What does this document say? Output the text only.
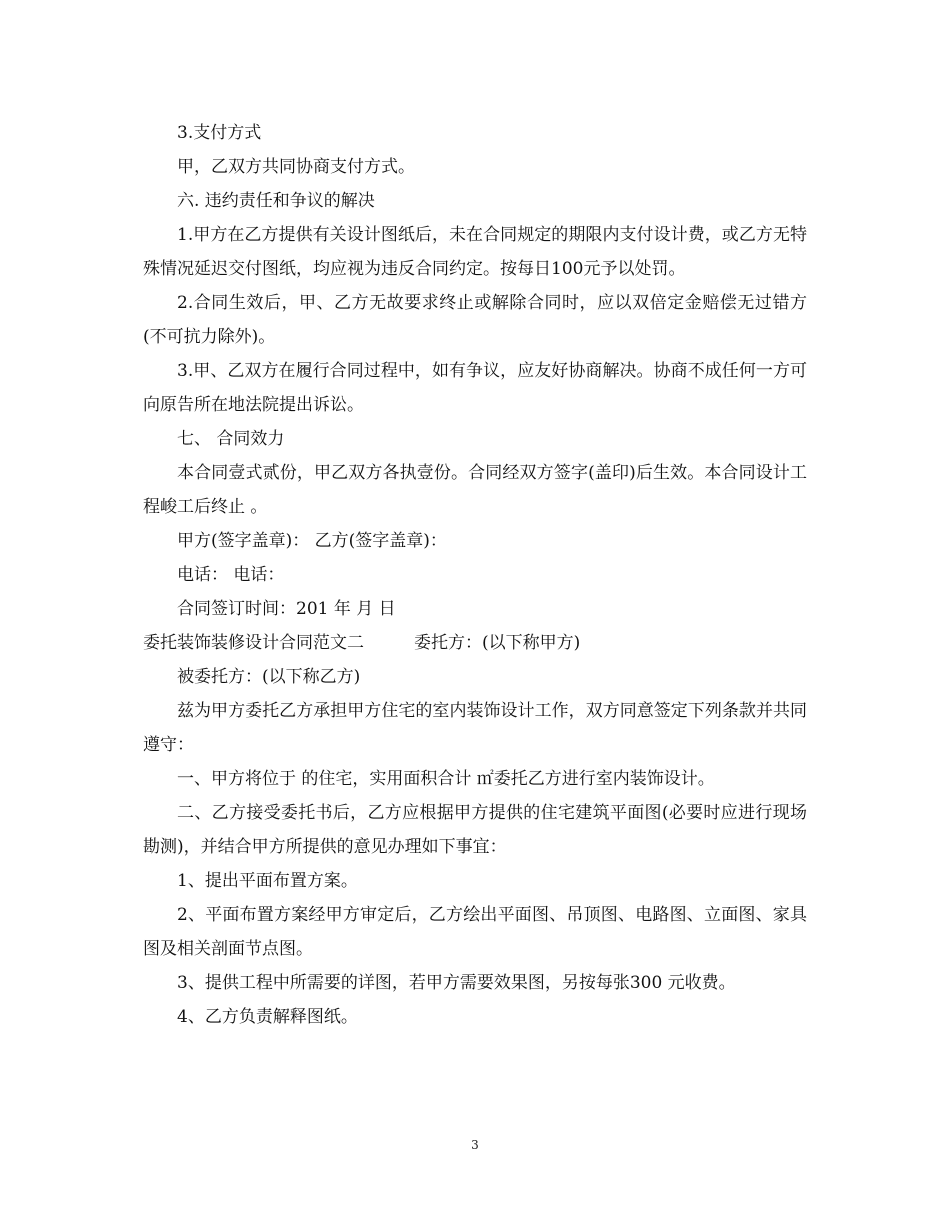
3.支付方式

甲，乙双方共同协商支付方式。

六. 违约责任和争议的解决

1.甲方在乙方提供有关设计图纸后，未在合同规定的期限内支付设计费，或乙方无特殊情况延迟交付图纸，均应视为违反合同约定。按每日100元予以处罚。

2.合同生效后，甲、乙方无故要求终止或解除合同时，应以双倍定金赔偿无过错方(不可抗力除外)。

3.甲、乙双方在履行合同过程中，如有争议，应友好协商解决。协商不成任何一方可向原告所在地法院提出诉讼。

七、 合同效力

本合同壹式贰份，甲乙双方各执壹份。合同经双方签字(盖印)后生效。本合同设计工程峻工后终止 。

甲方(签字盖章)： 乙方(签字盖章)：

电话： 电话：

合同签订时间：201 年 月 日

委托装饰装修设计合同范文二	委托方：(以下称甲方)

被委托方：(以下称乙方)

兹为甲方委托乙方承担甲方住宅的室内装饰设计工作，双方同意签定下列条款并共同遵守：

一、甲方将位于 的住宅，实用面积合计 ㎡委托乙方进行室内装饰设计。

二、乙方接受委托书后，乙方应根据甲方提供的住宅建筑平面图(必要时应进行现场勘测)，并结合甲方所提供的意见办理如下事宜：

1、提出平面布置方案。

2、平面布置方案经甲方审定后，乙方绘出平面图、吊顶图、电路图、立面图、家具图及相关剖面节点图。

3、提供工程中所需要的详图，若甲方需要效果图，另按每张300 元收费。

4、乙方负责解释图纸。

3
